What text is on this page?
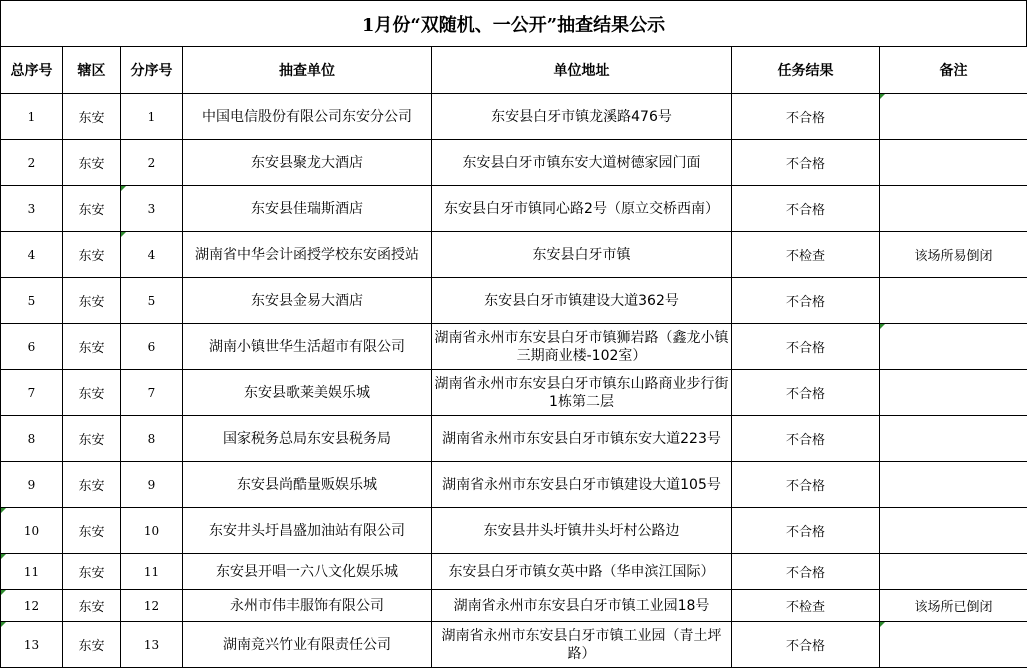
1月份“双随机、一公开”抽查结果公示
总序号	辖区	分序号	抽查单位	单位地址	任务结果	备注
1	东安	1	中国电信股份有限公司东安分公司	东安县白牙市镇龙溪路476号	不合格	
2	东安	2	东安县聚龙大酒店	东安县白牙市镇东安大道树德家园门面	不合格	
3	东安	3	东安县佳瑞斯酒店	东安县白牙市镇同心路2号（原立交桥西南）	不合格	
4	东安	4	湖南省中华会计函授学校东安函授站	东安县白牙市镇	不检查	该场所易倒闭
5	东安	5	东安县金易大酒店	东安县白牙市镇建设大道362号	不合格	
6	东安	6	湖南小镇世华生活超市有限公司	湖南省永州市东安县白牙市镇狮岩路（鑫龙小镇三期商业楼-102室）	不合格	
7	东安	7	东安县歌莱美娱乐城	湖南省永州市东安县白牙市镇东山路商业步行街1栋第二层	不合格	
8	东安	8	国家税务总局东安县税务局	湖南省永州市东安县白牙市镇东安大道223号	不合格	
9	东安	9	东安县尚酷量贩娱乐城	湖南省永州市东安县白牙市镇建设大道105号	不合格	
10	东安	10	东安井头圩昌盛加油站有限公司	东安县井头圩镇井头圩村公路边	不合格	
11	东安	11	东安县开唱一六八文化娱乐城	东安县白牙市镇女英中路（华申滨江国际）	不合格	
12	东安	12	永州市伟丰服饰有限公司	湖南省永州市东安县白牙市镇工业园18号	不检查	该场所已倒闭
13	东安	13	湖南竞兴竹业有限责任公司	湖南省永州市东安县白牙市镇工业园（青土坪路）	不合格	
